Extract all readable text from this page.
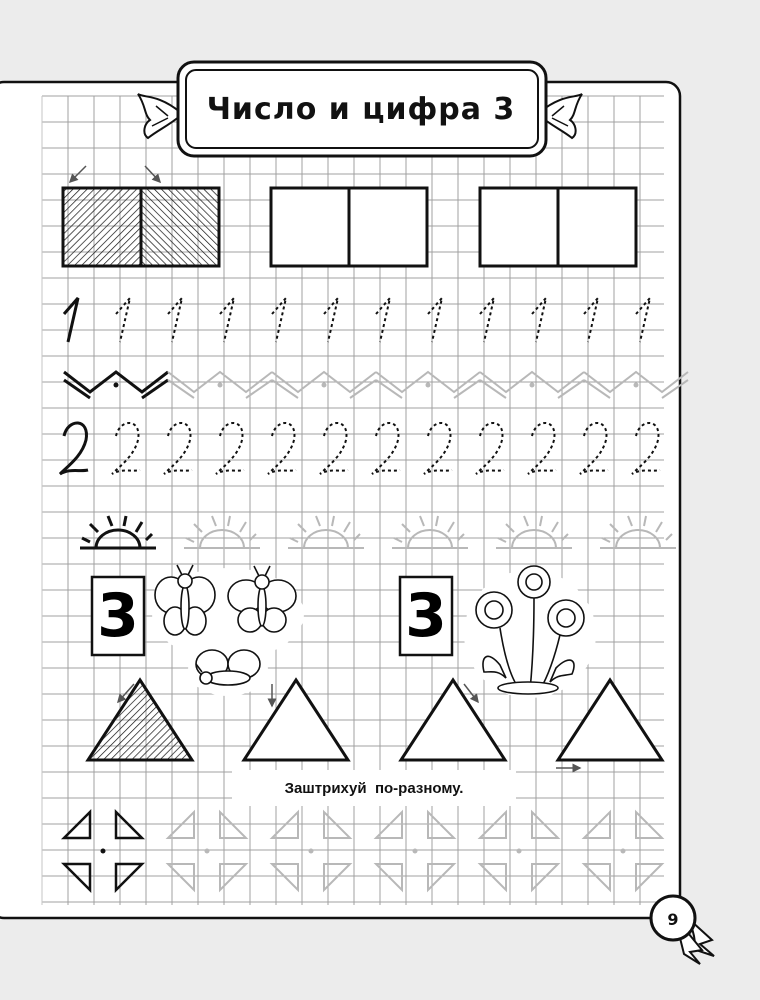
Число и цифра 3
3	3
Заштрихуй  по-разному.
9
